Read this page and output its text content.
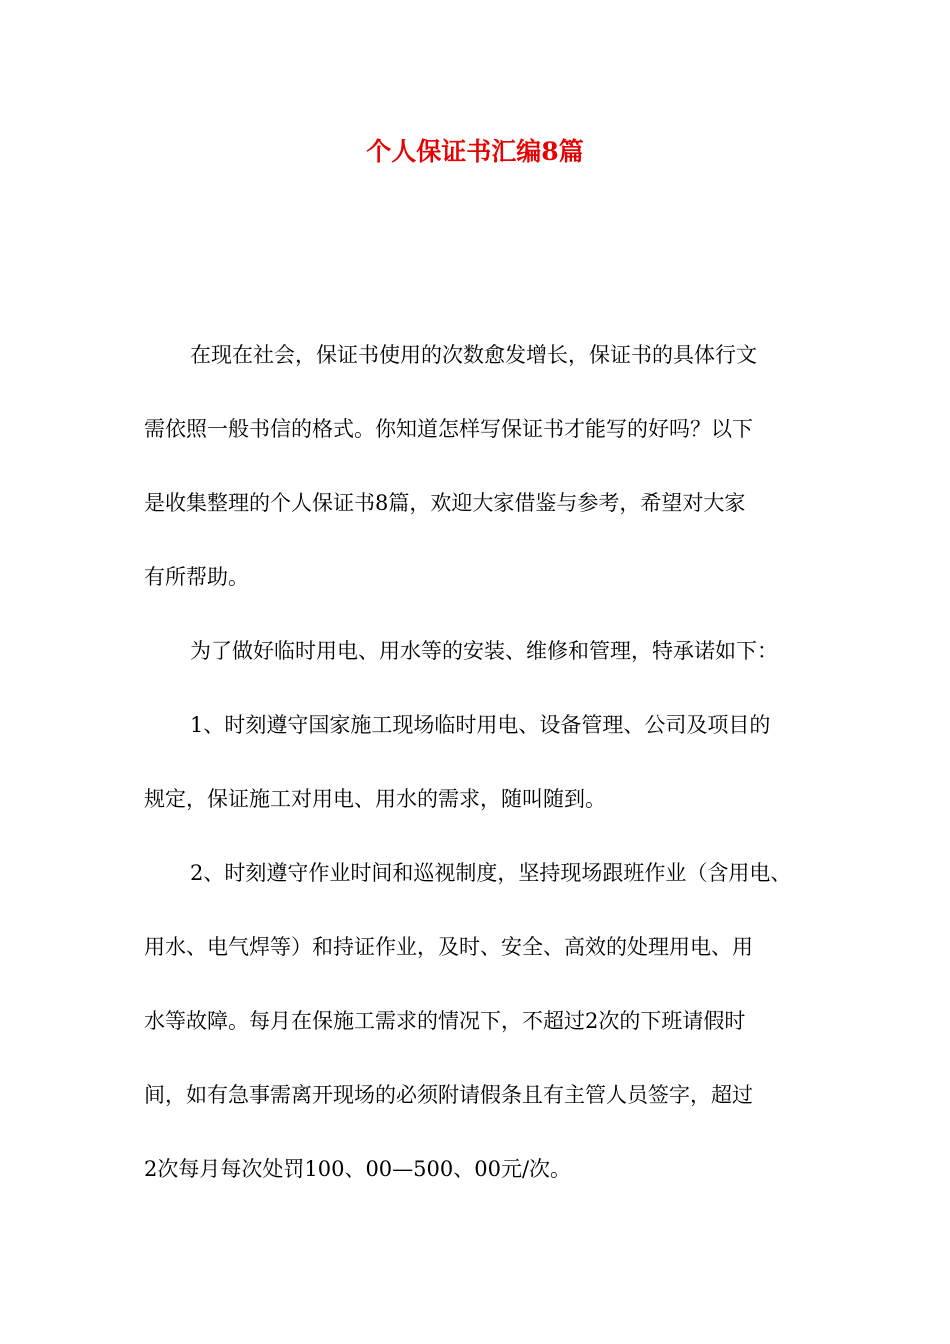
个人保证书汇编8篇

在现在社会，保证书使用的次数愈发增长，保证书的具体行文
需依照一般书信的格式。你知道怎样写保证书才能写的好吗？以下
是收集整理的个人保证书8篇，欢迎大家借鉴与参考，希望对大家
有所帮助。

为了做好临时用电、用水等的安装、维修和管理，特承诺如下：

1、时刻遵守国家施工现场临时用电、设备管理、公司及项目的
规定，保证施工对用电、用水的需求，随叫随到。

2、时刻遵守作业时间和巡视制度，坚持现场跟班作业（含用电、
用水、电气焊等）和持证作业，及时、安全、高效的处理用电、用
水等故障。每月在保施工需求的情况下，不超过2次的下班请假时
间，如有急事需离开现场的必须附请假条且有主管人员签字，超过
2次每月每次处罚100、00—500、00元/次。
